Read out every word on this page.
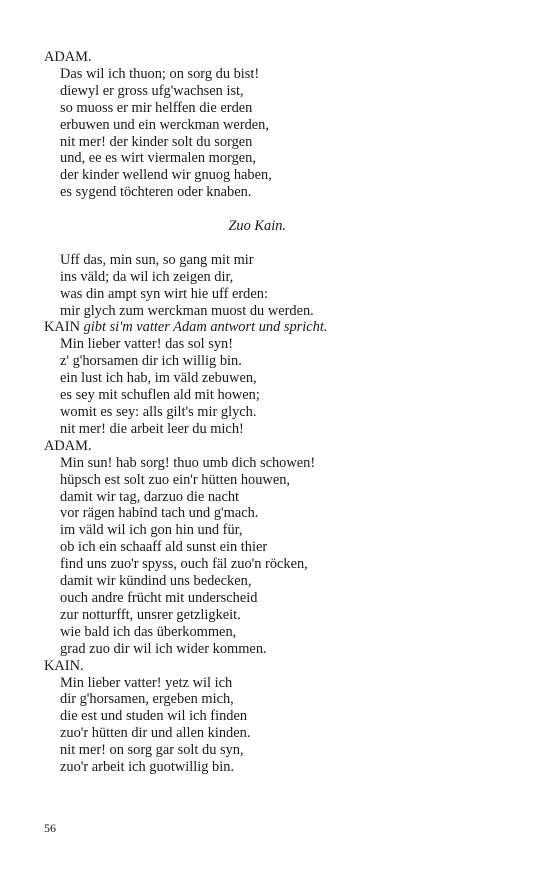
ADAM.
Das wil ich thuon; on sorg du bist!
diewyl er gross ufg'wachsen ist,
so muoss er mir helffen die erden
erbuwen und ein werckman werden,
nit mer! der kinder solt du sorgen
und, ee es wirt viermalen morgen,
der kinder wellend wir gnuog haben,
es sygend töchteren oder knaben.
Zuo Kain.
Uff das, min sun, so gang mit mir
ins väld; da wil ich zeigen dir,
was din ampt syn wirt hie uff erden:
mir glych zum werckman muost du werden.
KAIN gibt si'm vatter Adam antwort und spricht.
Min lieber vatter! das sol syn!
z' g'horsamen dir ich willig bin.
ein lust ich hab, im väld zebuwen,
es sey mit schuflen ald mit howen;
womit es sey: alls gilt's mir glych.
nit mer! die arbeit leer du mich!
ADAM.
Min sun! hab sorg! thuo umb dich schowen!
hüpsch est solt zuo ein'r hütten houwen,
damit wir tag, darzuo die nacht
vor rägen habind tach und g'mach.
im väld wil ich gon hin und für,
ob ich ein schaaff ald sunst ein thier
find uns zuo'r spyss, ouch fäl zuo'n röcken,
damit wir kündind uns bedecken,
ouch andre frücht mit underscheid
zur notturfft, unsrer getzligkeit.
wie bald ich das überkommen,
grad zuo dir wil ich wider kommen.
KAIN.
Min lieber vatter! yetz wil ich
dir g'horsamen, ergeben mich,
die est und studen wil ich finden
zuo'r hütten dir und allen kinden.
nit mer! on sorg gar solt du syn,
zuo'r arbeit ich guotwillig bin.
56
